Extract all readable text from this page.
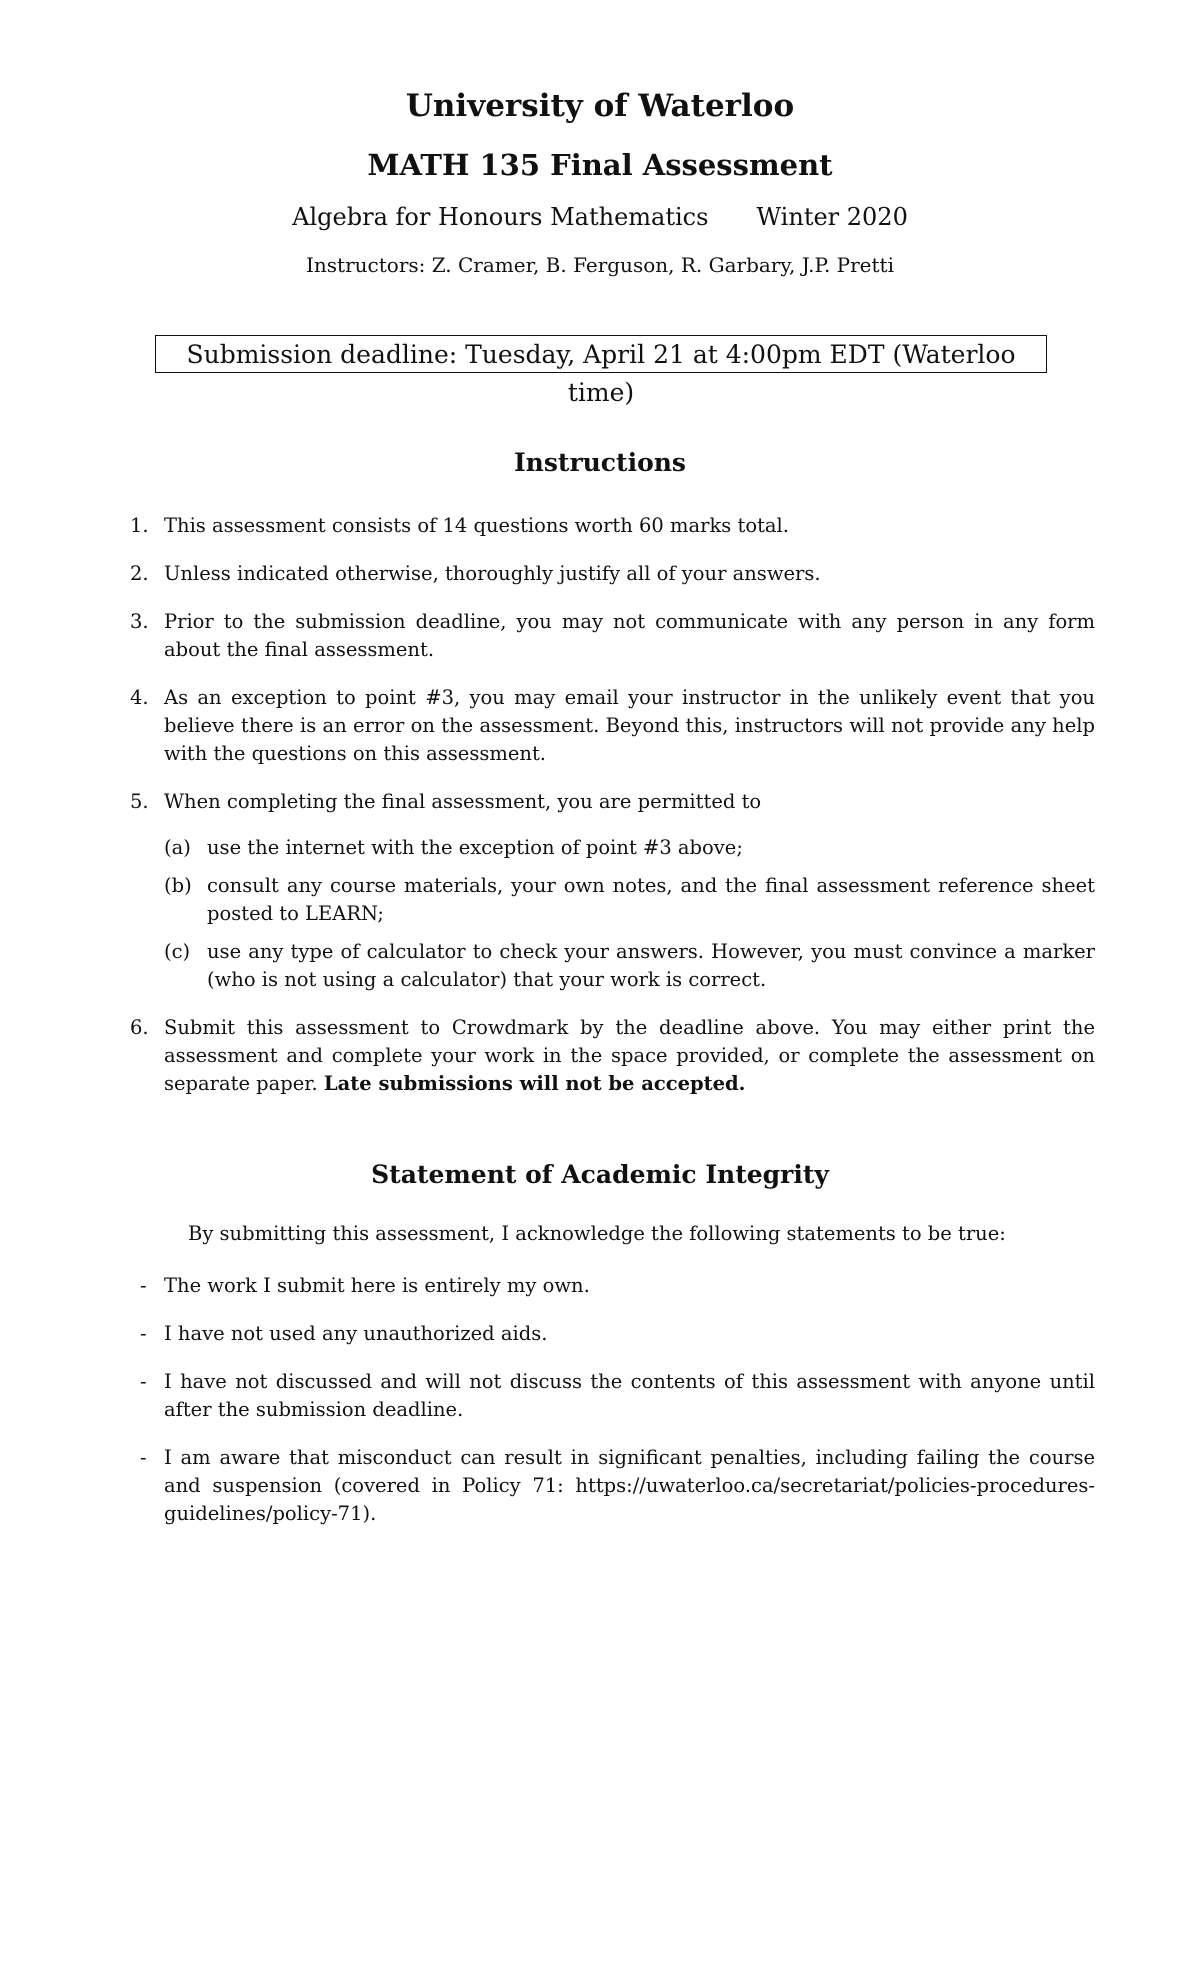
University of Waterloo
MATH 135 Final Assessment
Algebra for Honours Mathematics Winter 2020
Instructors: Z. Cramer, B. Ferguson, R. Garbary, J.P. Pretti
Submission deadline: Tuesday, April 21 at 4:00pm EDT (Waterloo time)
Instructions
1. This assessment consists of 14 questions worth 60 marks total.
2. Unless indicated otherwise, thoroughly justify all of your answers.
3. Prior to the submission deadline, you may not communicate with any person in any form about the final assessment.
4. As an exception to point #3, you may email your instructor in the unlikely event that you believe there is an error on the assessment. Beyond this, instructors will not provide any help with the questions on this assessment.
5. When completing the final assessment, you are permitted to
(a) use the internet with the exception of point #3 above;
(b) consult any course materials, your own notes, and the final assessment reference sheet posted to LEARN;
(c) use any type of calculator to check your answers. However, you must convince a marker (who is not using a calculator) that your work is correct.
6. Submit this assessment to Crowdmark by the deadline above. You may either print the assessment and complete your work in the space provided, or complete the assessment on separate paper. Late submissions will not be accepted.
Statement of Academic Integrity
By submitting this assessment, I acknowledge the following statements to be true:
- The work I submit here is entirely my own.
- I have not used any unauthorized aids.
- I have not discussed and will not discuss the contents of this assessment with anyone until after the submission deadline.
- I am aware that misconduct can result in significant penalties, including failing the course and suspension (covered in Policy 71: https://uwaterloo.ca/secretariat/policies-procedures-guidelines/policy-71).
